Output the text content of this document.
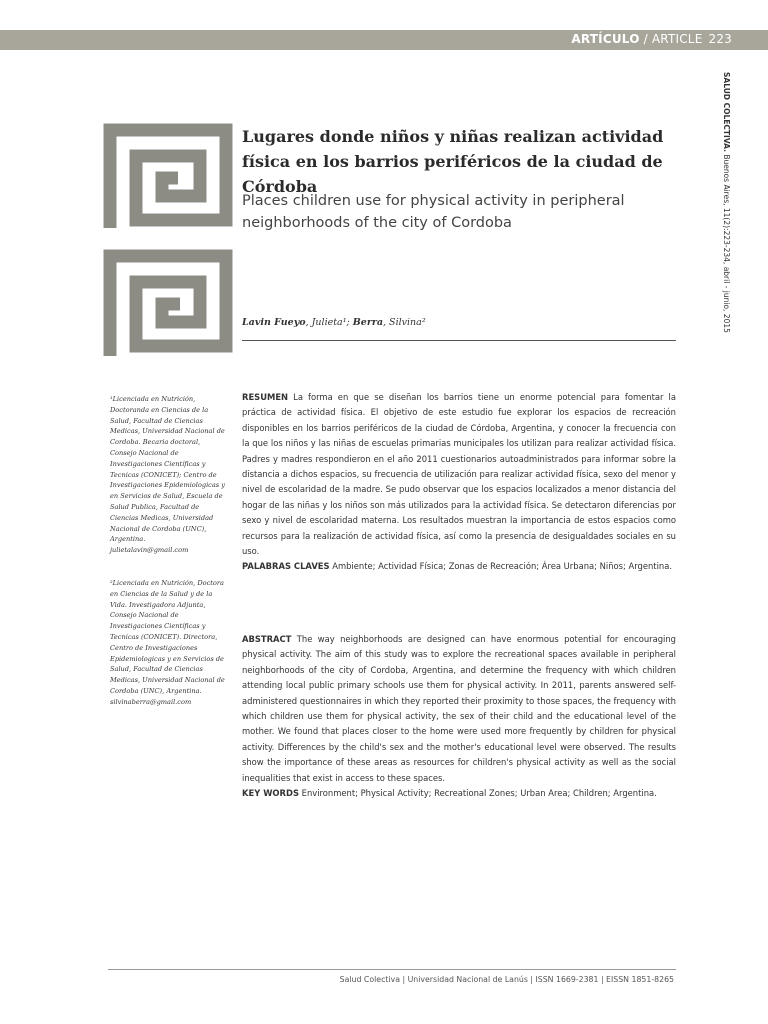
ARTÍCULO / ARTICLE 223
SALUD COLECTIVA. Buenos Aires, 11(2):223-234, abril - junio, 2015
Lugares donde niños y niñas realizan actividad física en los barrios periféricos de la ciudad de Córdoba
Places children use for physical activity in peripheral neighborhoods of the city of Cordoba
Lavin Fueyo, Julieta¹; Berra, Silvina²

¹Licenciada en Nutrición, Doctoranda en Ciencias de la Salud, Facultad de Ciencias Medicas, Universidad Nacional de Cordoba. Becaria doctoral, Consejo Nacional de Investigaciones Científicas y Tecnicas (CONICET); Centro de Investigaciones Epidemiologicas y en Servicios de Salud, Escuela de Salud Publica, Facultad de Ciencias Medicas, Universidad Nacional de Cordoba (UNC), Argentina.

julietalavin@gmail.com

²Licenciada en Nutrición, Doctora en Ciencias de la Salud y de la Vida. Investigadora Adjunta, Consejo Nacional de Investigaciones Científicas y Tecnicas (CONICET). Directora, Centro de Investigaciones Epidemiologicas y en Servicios de Salud, Facultad de Ciencias Medicas, Universidad Nacional de Cordoba (UNC), Argentina.

silvinaberra@gmail.com

RESUMEN La forma en que se diseñan los barrios tiene un enorme potencial para fomentar la práctica de actividad física. El objetivo de este estudio fue explorar los espacios de recreación disponibles en los barrios periféricos de la ciudad de Córdoba, Argentina, y conocer la frecuencia con la que los niños y las niñas de escuelas primarias municipales los utilizan para realizar actividad física. Padres y madres respondieron en el año 2011 cuestionarios autoadministrados para informar sobre la distancia a dichos espacios, su frecuencia de utilización para realizar actividad física, sexo del menor y nivel de escolaridad de la madre. Se pudo observar que los espacios localizados a menor distancia del hogar de las niñas y los niños son más utilizados para la actividad física. Se detectaron diferencias por sexo y nivel de escolaridad materna. Los resultados muestran la importancia de estos espacios como recursos para la realización de actividad física, así como la presencia de desigualdades sociales en su uso.

PALABRAS CLAVES Ambiente; Actividad Física; Zonas de Recreación; Área Urbana; Niños; Argentina.

ABSTRACT The way neighborhoods are designed can have enormous potential for encouraging physical activity. The aim of this study was to explore the recreational spaces available in peripheral neighborhoods of the city of Cordoba, Argentina, and determine the frequency with which children attending local public primary schools use them for physical activity. In 2011, parents answered self-administered questionnaires in which they reported their proximity to those spaces, the frequency with which children use them for physical activity, the sex of their child and the educational level of the mother. We found that places closer to the home were used more frequently by children for physical activity. Differences by the child's sex and the mother's educational level were observed. The results show the importance of these areas as resources for children's physical activity as well as the social inequalities that exist in access to these spaces.

KEY WORDS Environment; Physical Activity; Recreational Zones; Urban Area; Children; Argentina.

Salud Colectiva | Universidad Nacional de Lanús | ISSN 1669-2381 | EISSN 1851-8265
